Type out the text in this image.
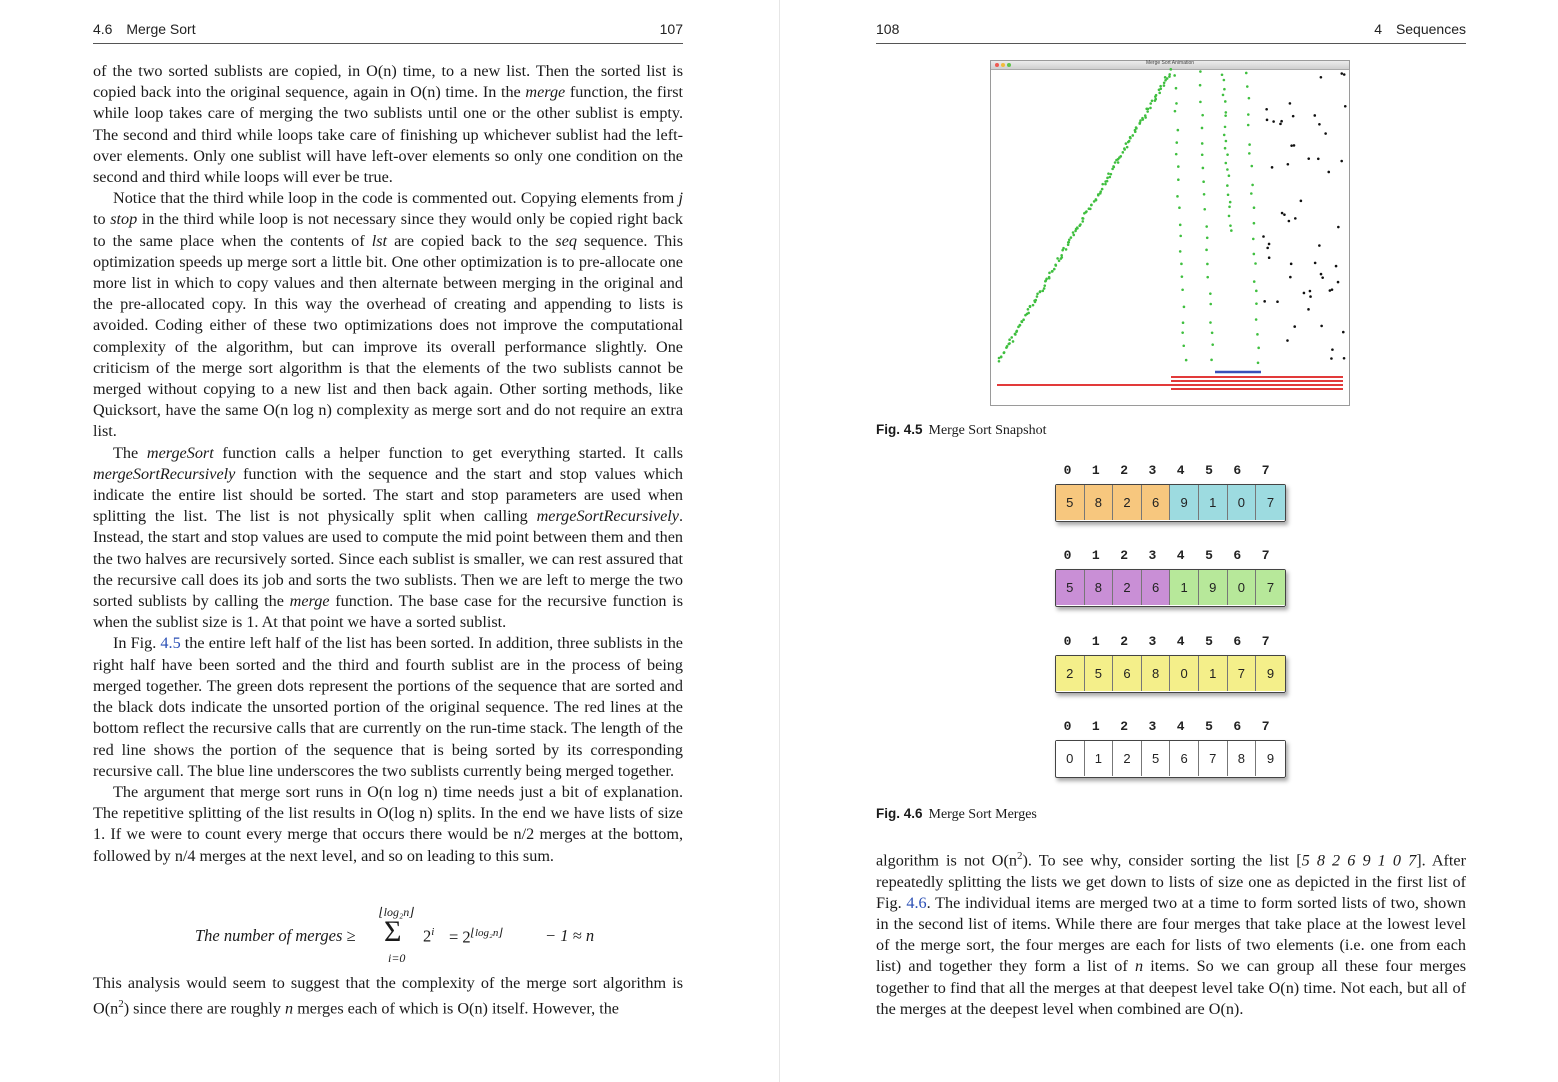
4.6 Merge Sort	107

of the two sorted sublists are copied, in O(n) time, to a new list. Then the sorted list is copied back into the original sequence, again in O(n) time. In the merge function, the first while loop takes care of merging the two sublists until one or the other sublist is empty. The second and third while loops take care of finishing up whichever sublist had the left-over elements. Only one sublist will have left-over elements so only one condition on the second and third while loops will ever be true.

Notice that the third while loop in the code is commented out. Copying elements from j to stop in the third while loop is not necessary since they would only be copied right back to the same place when the contents of lst are copied back to the seq sequence. This optimization speeds up merge sort a little bit. One other optimization is to pre-allocate one more list in which to copy values and then alternate between merging in the original and the pre-allocated copy. In this way the overhead of creating and appending to lists is avoided. Coding either of these two optimizations does not improve the computational complexity of the algorithm, but can improve its overall performance slightly. One criticism of the merge sort algorithm is that the elements of the two sublists cannot be merged without copying to a new list and then back again. Other sorting methods, like Quicksort, have the same O(n log n) complexity as merge sort and do not require an extra list.

The mergeSort function calls a helper function to get everything started. It calls mergeSortRecursively function with the sequence and the start and stop values which indicate the entire list should be sorted. The start and stop parameters are used when splitting the list. The list is not physically split when calling mergeSortRecursively. Instead, the start and stop values are used to compute the mid point between them and then the two halves are recursively sorted. Since each sublist is smaller, we can rest assured that the recursive call does its job and sorts the two sublists. Then we are left to merge the two sorted sublists by calling the merge function. The base case for the recursive function is when the sublist size is 1. At that point we have a sorted sublist.

In Fig. 4.5 the entire left half of the list has been sorted. In addition, three sublists in the right half have been sorted and the third and fourth sublist are in the process of being merged together. The green dots represent the portions of the sequence that are sorted and the black dots indicate the unsorted portion of the original sequence. The red lines at the bottom reflect the recursive calls that are currently on the run-time stack. The length of the red line shows the portion of the sequence that is being sorted by its corresponding recursive call. The blue line underscores the two sublists currently being merged together.

The argument that merge sort runs in O(n log n) time needs just a bit of explanation. The repetitive splitting of the list results in O(log n) splits. In the end we have lists of size 1. If we were to count every merge that occurs there would be n/2 merges at the bottom, followed by n/4 merges at the next level, and so on leading to this sum.

The number of merges ≥
⌊log₂n⌋
Σ
i=0
$2^i = 2^{⌊log_2n⌋}$	− 1 ≈ n

This analysis would seem to suggest that the complexity of the merge sort algorithm is $O(n^2)$ since there are roughly n merges each of which is O(n) itself. However, the

108	4 Sequences
Merge Sort Animation
Fig. 4.5 Merge Sort Snapshot
0	1	2	3	4	5	6	7
5	8	2	6	9	1	0	7
0	1	2	3	4	5	6	7
5	8	2	6	1	9	0	7
0	1	2	3	4	5	6	7
2	5	6	8	0	1	7	9
0	1	2	3	4	5	6	7
0	1	2	5	6	7	8	9
Fig. 4.6 Merge Sort Merges

algorithm is not $O(n^2)$. To see why, consider sorting the list [5 8 2 6 9 1 0 7]. After repeatedly splitting the lists we get down to lists of size one as depicted in the first list of Fig. 4.6. The individual items are merged two at a time to form sorted lists of two, shown in the second list of items. While there are four merges that take place at the lowest level of the merge sort, the four merges are each for lists of two elements (i.e. one from each list) and together they form a list of n items. So we can group all these four merges together to find that all the merges at that deepest level take O(n) time. Not each, but all of the merges at the deepest level when combined are O(n).
